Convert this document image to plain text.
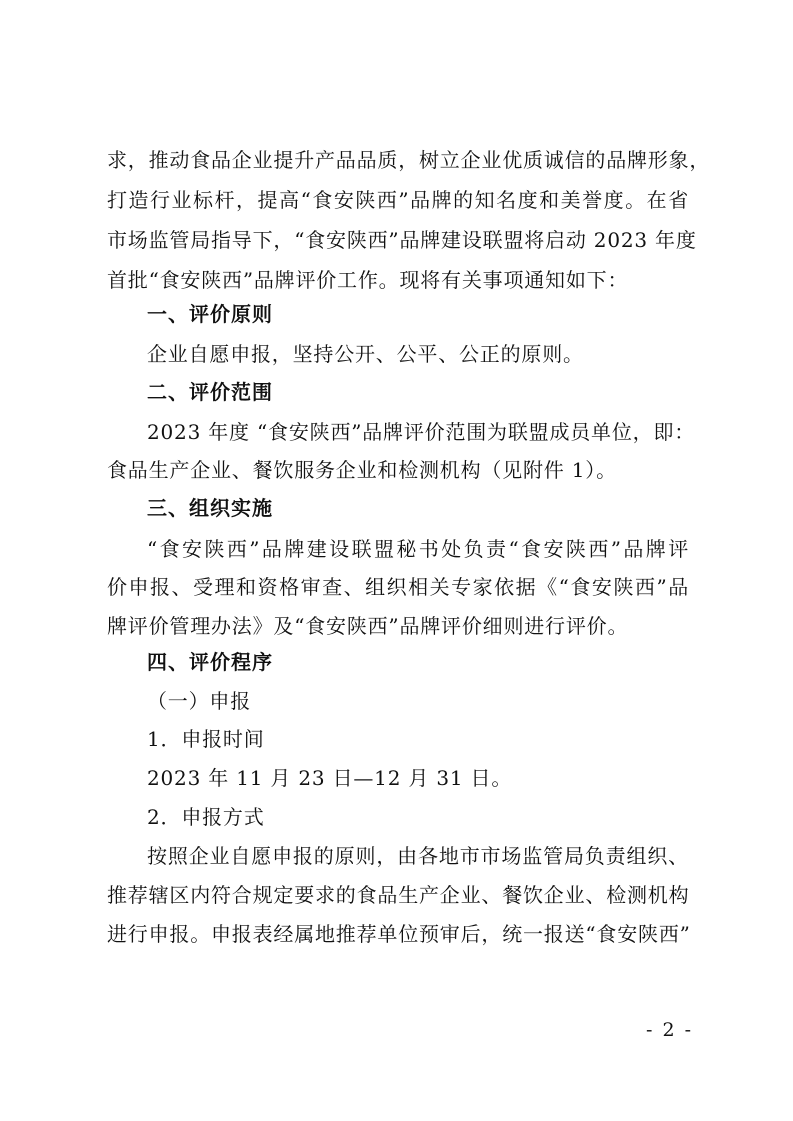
求，推动食品企业提升产品品质，树立企业优质诚信的品牌形象，
打造行业标杆，提高“食安陕西”品牌的知名度和美誉度。在省
市场监管局指导下，“食安陕西”品牌建设联盟将启动 2023 年度
首批“食安陕西”品牌评价工作。现将有关事项通知如下：
一、评价原则
企业自愿申报，坚持公开、公平、公正的原则。
二、评价范围
2023 年度 “食安陕西”品牌评价范围为联盟成员单位，即：
食品生产企业、餐饮服务企业和检测机构（见附件 1）。
三、组织实施
“食安陕西”品牌建设联盟秘书处负责“食安陕西”品牌评
价申报、受理和资格审查、组织相关专家依据《“食安陕西”品
牌评价管理办法》及“食安陕西”品牌评价细则进行评价。
四、评价程序
（一）申报
1．申报时间
2023 年 11 月 23 日—12 月 31 日。
2．申报方式
按照企业自愿申报的原则，由各地市市场监管局负责组织、
推荐辖区内符合规定要求的食品生产企业、餐饮企业、检测机构
进行申报。申报表经属地推荐单位预审后，统一报送“食安陕西”
- 2 -
